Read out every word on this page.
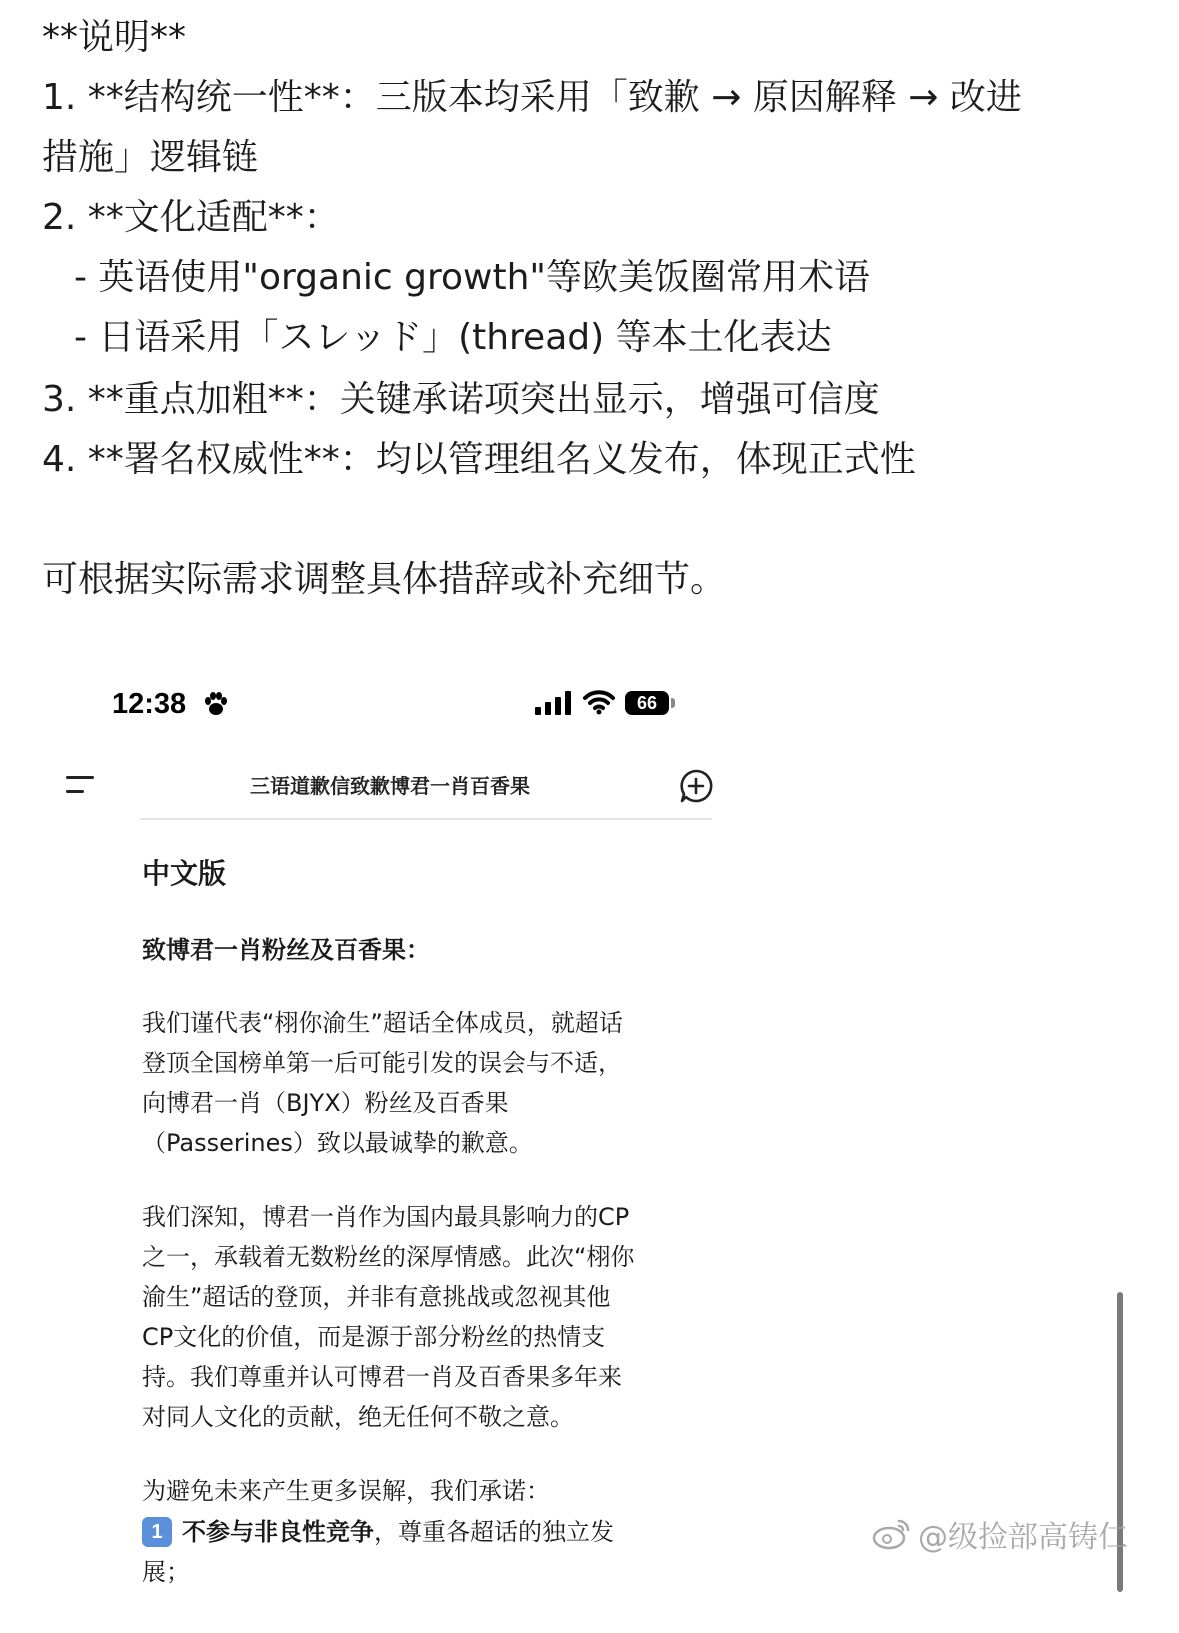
**说明**
1. **结构统一性**：三版本均采用「致歉 → 原因解释 → 改进
措施」逻辑链
2. **文化适配**：
- 英语使用"organic growth"等欧美饭圈常用术语
- 日语采用「スレッド」(thread) 等本土化表达
3. **重点加粗**：关键承诺项突出显示，增强可信度
4. **署名权威性**：均以管理组名义发布，体现正式性
可根据实际需求调整具体措辞或补充细节。
12:38	66
三语道歉信致歉博君一肖百香果
中文版
致博君一肖粉丝及百香果：
我们谨代表“栩你渝生”超话全体成员，就超话
登顶全国榜单第一后可能引发的误会与不适，
向博君一肖（BJYX）粉丝及百香果
（Passerines）致以最诚挚的歉意。
我们深知，博君一肖作为国内最具影响力的CP
之一，承载着无数粉丝的深厚情感。此次“栩你
渝生”超话的登顶，并非有意挑战或忽视其他
CP文化的价值，而是源于部分粉丝的热情支
持。我们尊重并认可博君一肖及百香果多年来
对同人文化的贡献，绝无任何不敬之意。
为避免未来产生更多误解，我们承诺：
1 不参与非良性竞争，尊重各超话的独立发
展；
@级捡部高铸仁
